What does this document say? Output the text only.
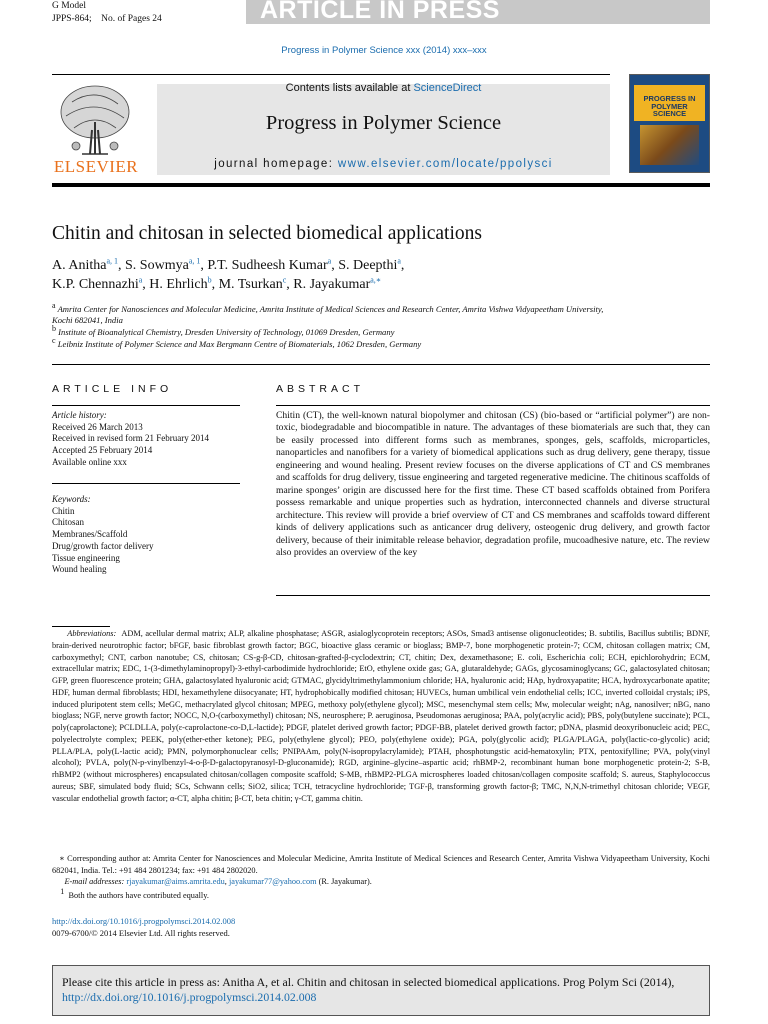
G Model
JPPS-864; No. of Pages 24	ARTICLE IN PRESS
Progress in Polymer Science xxx (2014) xxx–xxx
Contents lists available at ScienceDirect
Progress in Polymer Science
journal homepage: www.elsevier.com/locate/ppolysci
ELSEVIER
PROGRESS IN POLYMER SCIENCE
Chitin and chitosan in selected biomedical applications
A. Anitha$^{a, 1}$, S. Sowmya$^{a, 1}$, P.T. Sudheesh Kumar$^a$, S. Deepthi$^a$,
K.P. Chennazhi$^a$, H. Ehrlich$^b$, M. Tsurkan$^c$, R. Jayakumar$^{a,∗}$
$^a$ Amrita Center for Nanosciences and Molecular Medicine, Amrita Institute of Medical Sciences and Research Center, Amrita Vishwa Vidyapeetham University, Kochi 682041, India
$^b$ Institute of Bioanalytical Chemistry, Dresden University of Technology, 01069 Dresden, Germany
$^c$ Leibniz Institute of Polymer Science and Max Bergmann Centre of Biomaterials, 1062 Dresden, Germany
ARTICLE INFO	ABSTRACT
Article history:
Received 26 March 2013
Received in revised form 21 February 2014
Accepted 25 February 2014
Available online xxx
Keywords:
Chitin
Chitosan
Membranes/Scaffold
Drug/growth factor delivery
Tissue engineering
Wound healing
Chitin (CT), the well-known natural biopolymer and chitosan (CS) (bio-based or “artificial polymer”) are non-toxic, biodegradable and biocompatible in nature. The advantages of these biomaterials are such that, they can be easily processed into different forms such as membranes, sponges, gels, scaffolds, microparticles, nanoparticles and nanofibers for a variety of biomedical applications such as drug delivery, gene therapy, tissue engineering and wound healing. Present review focuses on the diverse applications of CT and CS membranes and scaffolds for drug delivery, tissue engineering and targeted regenerative medicine. The chitinous scaffolds of marine sponges’ origin are discussed here for the first time. These CT based scaffolds obtained from Porifera possess remarkable and unique properties such as hydration, interconnected channels and diverse structural architecture. This review will provide a brief overview of CT and CS membranes and scaffolds toward different kinds of delivery applications such as anticancer drug delivery, osteogenic drug delivery, and growth factor delivery, because of their inimitable release behavior, degradation profile, mucoadhesive nature, etc. The review also provides an overview of the key
Abbreviations: ADM, acellular dermal matrix; ALP, alkaline phosphatase; ASGR, asialoglycoprotein receptors; ASOs, Smad3 antisense oligonucleotides; B. subtilis, Bacillus subtilis; BDNF, brain-derived neurotrophic factor; bFGF, basic fibroblast growth factor; BGC, bioactive glass ceramic or bioglass; BMP-7, bone morphogenetic protein-7; CCM, chitosan collagen matrix; CM, carboxymethyl; CNT, carbon nanotube; CS, chitosan; CS-g-β-CD, chitosan-grafted-β-cyclodextrin; CT, chitin; Dex, dexamethasone; E. coli, Escherichia coli; ECH, epichlorohydrin; ECM, extracellular matrix; EDC, 1-(3-dimethylaminopropyl)-3-ethyl-carbodimide hydrochloride; EtO, ethylene oxide gas; GA, glutaraldehyde; GAGs, glycosaminoglycans; GC, galactosylated chitosan; GFP, green fluorescence protein; GHA, galactosylated hyaluronic acid; GTMAC, glycidyltrimethylammonium chloride; HA, hyaluronic acid; HAp, hydroxyapatite; HCA, hydroxycarbonate apatite; HDF, human dermal fibroblasts; HDI, hexamethylene diisocyanate; HT, hydrophobically modified chitosan; HUVECs, human umbilical vein endothelial cells; ICC, inverted colloidal crystals; iPS, induced pluripotent stem cells; MeGC, methacrylated glycol chitosan; MPEG, methoxy poly(ethylene glycol); MSC, mesenchymal stem cells; Mw, molecular weight; nAg, nanosilver; nBG, nano bioglass; NGF, nerve growth factor; NOCC, N,O-(carboxymethyl) chitosan; NS, neurosphere; P. aeruginosa, Pseudomonas aeruginosa; PAA, poly(acrylic acid); PBS, poly(butylene succinate); PCL, poly(caprolactone); PCLDLLA, poly(ε-caprolactone-co-D,L-lactide); PDGF, platelet derived growth factor; PDGF-BB, platelet derived growth factor; pDNA, plasmid deoxyribonucleic acid; PEC, polyelectrolyte complex; PEEK, poly(ether-ether ketone); PEG, poly(ethylene glycol); PEO, poly(ethylene oxide); PGA, poly(glycolic acid); PLGA/PLAGA, poly(lactic-co-glycolic) acid; PLLA/PLA, poly(L-lactic acid); PMN, polymorphonuclear cells; PNIPAAm, poly(N-isopropylacrylamide); PTAH, phosphotungstic acid-hematoxylin; PTX, pentoxifylline; PVA, poly(vinyl alcohol); PVLA, poly(N-p-vinylbenzyl-4-o-β-D-galactopyranosyl-D-gluconamide); RGD, arginine–glycine–aspartic acid; rhBMP-2, recombinant human bone morphogenetic protein-2; S-B, rhBMP2 (without microspheres) encapsulated chitosan/collagen composite scaffold; S-MB, rhBMP2-PLGA microspheres loaded chitosan/collagen composite scaffold; S. aureus, Staphylococcus aureus; SBF, simulated body fluid; SCs, Schwann cells; SiO2, silica; TCH, tetracycline hydrochloride; TGF-β, transforming growth factor-β; TMC, N,N,N-trimethyl chitosan chloride; VEGF, vascular endothelial growth factor; α-CT, alpha chitin; β-CT, beta chitin; γ-CT, gamma chitin.
∗ Corresponding author at: Amrita Center for Nanosciences and Molecular Medicine, Amrita Institute of Medical Sciences and Research Center, Amrita Vishwa Vidyapeetham University, Kochi 682041, India. Tel.: +91 484 2801234; fax: +91 484 2802020.
E-mail addresses: rjayakumar@aims.amrita.edu, jayakumar77@yahoo.com (R. Jayakumar).
$^1$ Both the authors have contributed equally.
http://dx.doi.org/10.1016/j.progpolymsci.2014.02.008
0079-6700/© 2014 Elsevier Ltd. All rights reserved.
Please cite this article in press as: Anitha A, et al. Chitin and chitosan in selected biomedical applications. Prog Polym Sci (2014), http://dx.doi.org/10.1016/j.progpolymsci.2014.02.008
